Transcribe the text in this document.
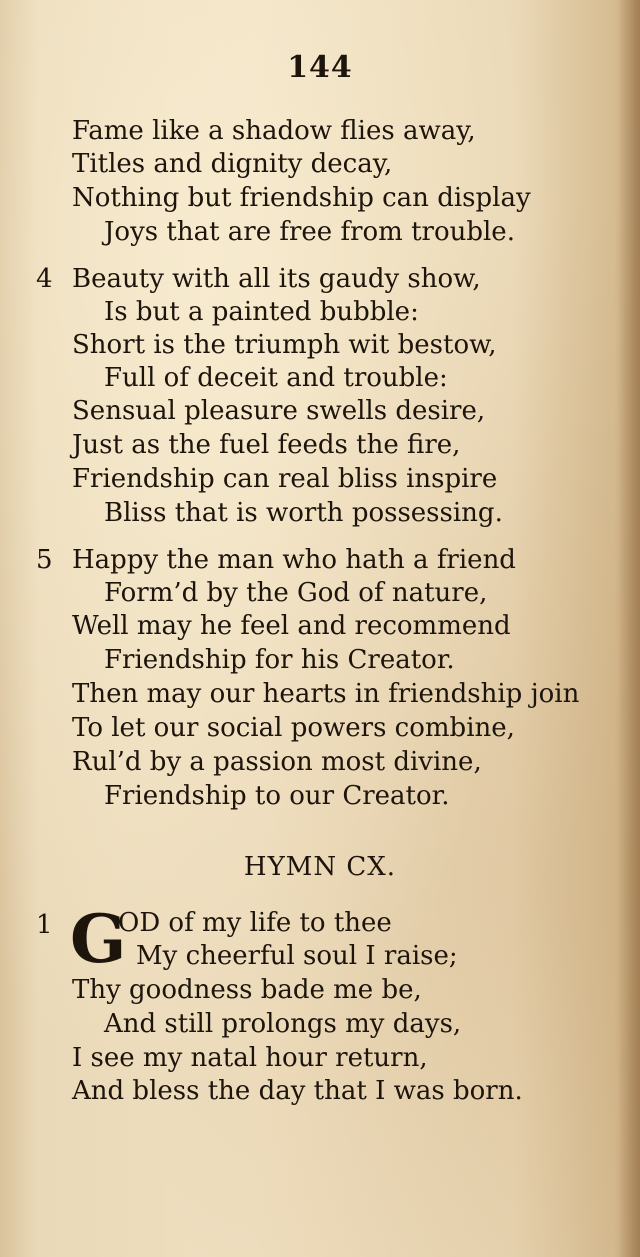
144
Fame like a shadow flies away,
Titles and dignity decay,
Nothing but friendship can display
Joys that are free from trouble.
4 Beauty with all its gaudy show,
Is but a painted bubble:
Short is the triumph wit bestow,
Full of deceit and trouble:
Sensual pleasure swells desire,
Just as the fuel feeds the fire,
Friendship can real bliss inspire
Bliss that is worth possessing.
5 Happy the man who hath a friend
Form’d by the God of nature,
Well may he feel and recommend
Friendship for his Creator.
Then may our hearts in friendship join
To let our social powers combine,
Rul’d by a passion most divine,
Friendship to our Creator.
HYMN CX.
1 G
OD of my life to thee
My cheerful soul I raise;
Thy goodness bade me be,
And still prolongs my days,
I see my natal hour return,
And bless the day that I was born.
